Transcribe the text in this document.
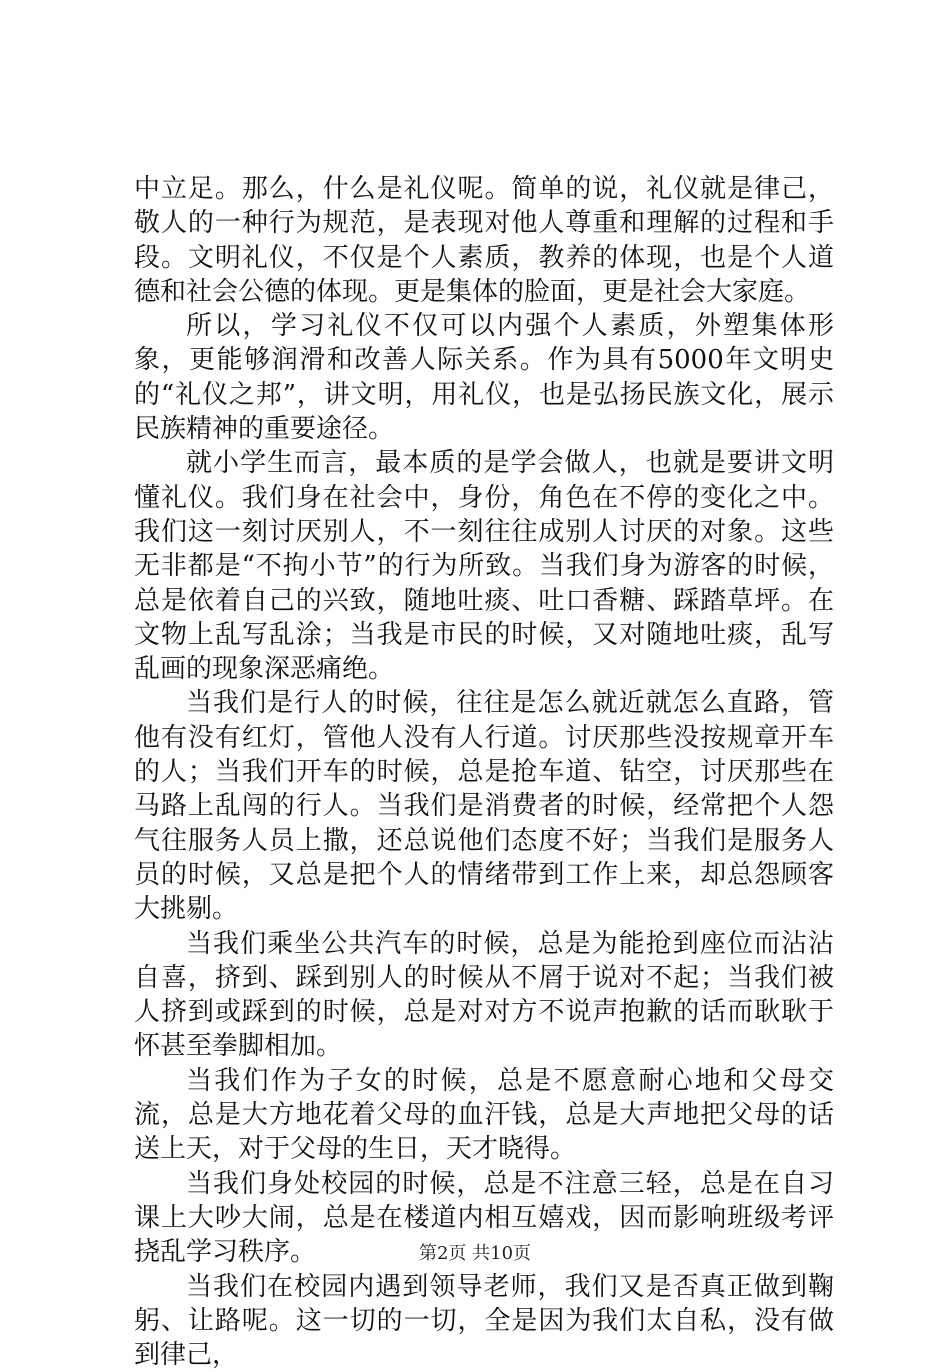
中立足。那么，什么是礼仪呢。简单的说，礼仪就是律己，敬人的一种行为规范，是表现对他人尊重和理解的过程和手段。文明礼仪，不仅是个人素质，教养的体现，也是个人道德和社会公德的体现。更是集体的脸面，更是社会大家庭。

所以，学习礼仪不仅可以内强个人素质，外塑集体形象，更能够润滑和改善人际关系。作为具有5000年文明史的“礼仪之邦”，讲文明，用礼仪，也是弘扬民族文化，展示民族精神的重要途径。

就小学生而言，最本质的是学会做人，也就是要讲文明懂礼仪。我们身在社会中，身份，角色在不停的变化之中。我们这一刻讨厌别人，不一刻往往成别人讨厌的对象。这些无非都是“不拘小节”的行为所致。当我们身为游客的时候，总是依着自己的兴致，随地吐痰、吐口香糖、踩踏草坪。在文物上乱写乱涂；当我是市民的时候，又对随地吐痰，乱写乱画的现象深恶痛绝。

当我们是行人的时候，往往是怎么就近就怎么直路，管他有没有红灯，管他人没有人行道。讨厌那些没按规章开车的人；当我们开车的时候，总是抢车道、钻空，讨厌那些在马路上乱闯的行人。当我们是消费者的时候，经常把个人怨气往服务人员上撒，还总说他们态度不好；当我们是服务人员的时候，又总是把个人的情绪带到工作上来，却总怨顾客大挑剔。

当我们乘坐公共汽车的时候，总是为能抢到座位而沾沾自喜，挤到、踩到别人的时候从不屑于说对不起；当我们被人挤到或踩到的时候，总是对对方不说声抱歉的话而耿耿于怀甚至拳脚相加。

当我们作为子女的时候，总是不愿意耐心地和父母交流，总是大方地花着父母的血汗钱，总是大声地把父母的话送上天，对于父母的生日，天才晓得。

当我们身处校园的时候，总是不注意三轻，总是在自习课上大吵大闹，总是在楼道内相互嬉戏，因而影响班级考评挠乱学习秩序。

当我们在校园内遇到领导老师，我们又是否真正做到鞠躬、让路呢。这一切的一切，全是因为我们太自私，没有做到律己，

第2页 共10页
